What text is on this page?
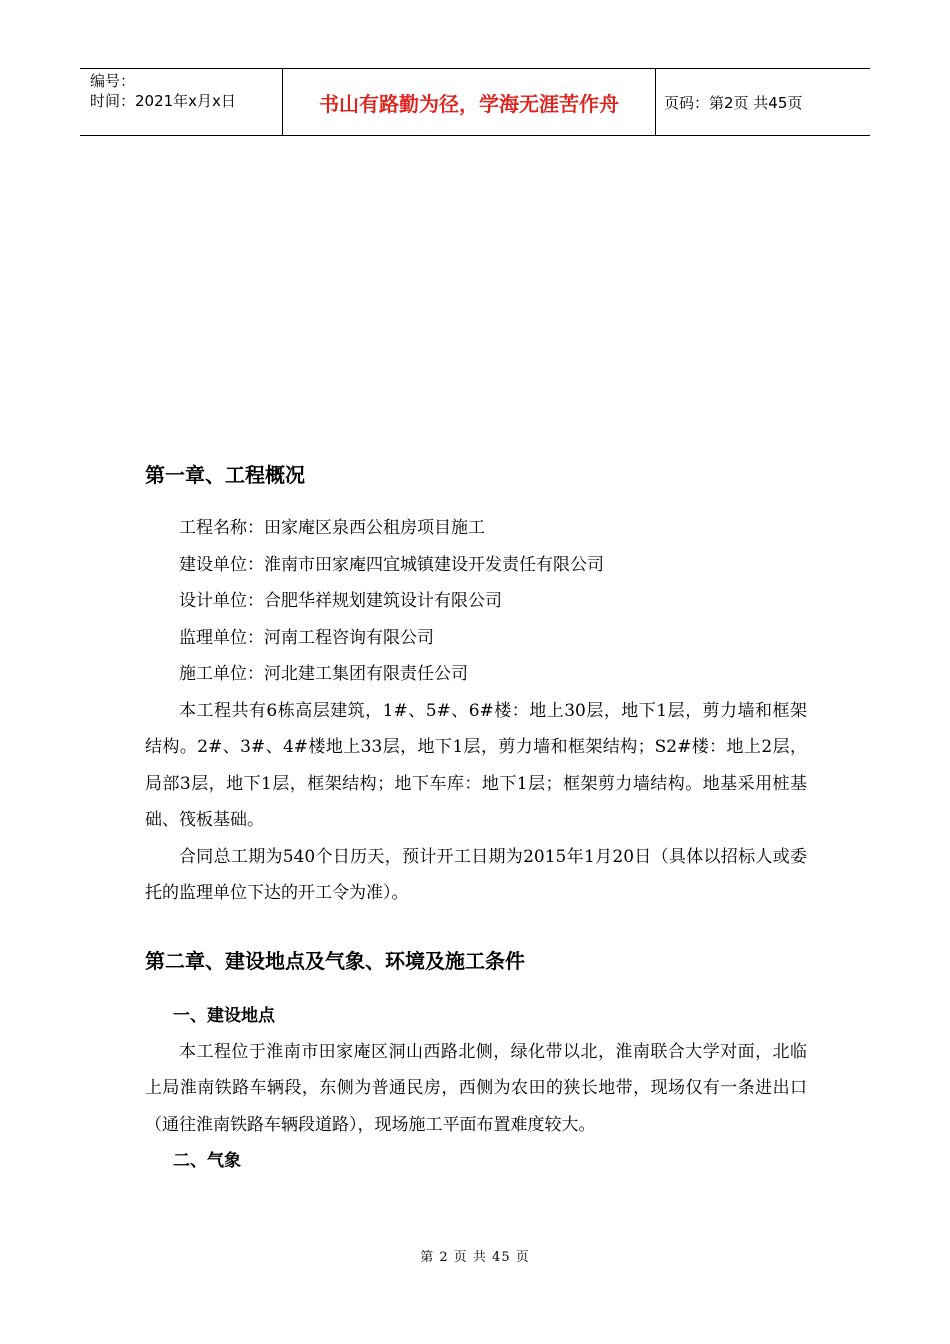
编号：
时间：2021年x月x日	书山有路勤为径，学海无涯苦作舟	页码：第2页 共45页
第一章、工程概况

工程名称：田家庵区泉西公租房项目施工

建设单位：淮南市田家庵四宜城镇建设开发责任有限公司

设计单位：合肥华祥规划建筑设计有限公司

监理单位：河南工程咨询有限公司

施工单位：河北建工集团有限责任公司

本工程共有6栋高层建筑，1#、5#、6#楼：地上30层，地下1层，剪力墙和框架结构。2#、3#、4#楼地上33层，地下1层，剪力墙和框架结构；S2#楼：地上2层，局部3层，地下1层，框架结构；地下车库：地下1层；框架剪力墙结构。地基采用桩基础、筏板基础。

合同总工期为540个日历天，预计开工日期为2015年1月20日（具体以招标人或委托的监理单位下达的开工令为准）。

第二章、建设地点及气象、环境及施工条件
一、建设地点

本工程位于淮南市田家庵区洞山西路北侧，绿化带以北，淮南联合大学对面，北临上局淮南铁路车辆段，东侧为普通民房，西侧为农田的狭长地带，现场仅有一条进出口（通往淮南铁路车辆段道路），现场施工平面布置难度较大。

二、气象
第 2 页 共 45 页
